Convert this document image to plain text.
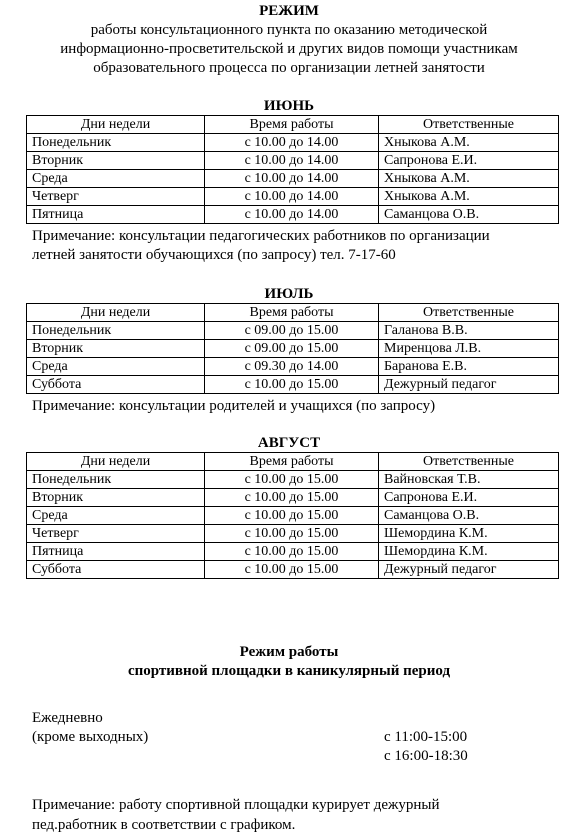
РЕЖИМ
работы консультационного пункта по оказанию методической
информационно-просветительской и других видов помощи участникам
образовательного процесса по организации летней занятости
ИЮНЬ
Дни недели	Время работы	Ответственные
Понедельник	с 10.00 до 14.00	Хныкова А.М.
Вторник	с 10.00 до 14.00	Сапронова Е.И.
Среда	с 10.00 до 14.00	Хныкова А.М.
Четверг	с 10.00 до 14.00	Хныкова А.М.
Пятница	с 10.00 до 14.00	Саманцова О.В.
Примечание: консультации педагогических работников по организации
летней занятости обучающихся (по запросу) тел. 7-17-60
ИЮЛЬ
Дни недели	Время работы	Ответственные
Понедельник	с 09.00 до 15.00	Галанова В.В.
Вторник	с 09.00 до 15.00	Миренцова Л.В.
Среда	с 09.30 до 14.00	Баранова Е.В.
Суббота	с 10.00 до 15.00	Дежурный педагог
Примечание: консультации родителей и учащихся (по запросу)
АВГУСТ
Дни недели	Время работы	Ответственные
Понедельник	с 10.00 до 15.00	Вайновская Т.В.
Вторник	с 10.00 до 15.00	Сапронова Е.И.
Среда	с 10.00 до 15.00	Саманцова О.В.
Четверг	с 10.00 до 15.00	Шемордина К.М.
Пятница	с 10.00 до 15.00	Шемордина К.М.
Суббота	с 10.00 до 15.00	Дежурный педагог
Режим работы
спортивной площадки в каникулярный период
Ежедневно
(кроме выходных)	с 11:00-15:00
с 16:00-18:30
Примечание: работу спортивной площадки курирует дежурный
пед.работник в соответствии с графиком.
